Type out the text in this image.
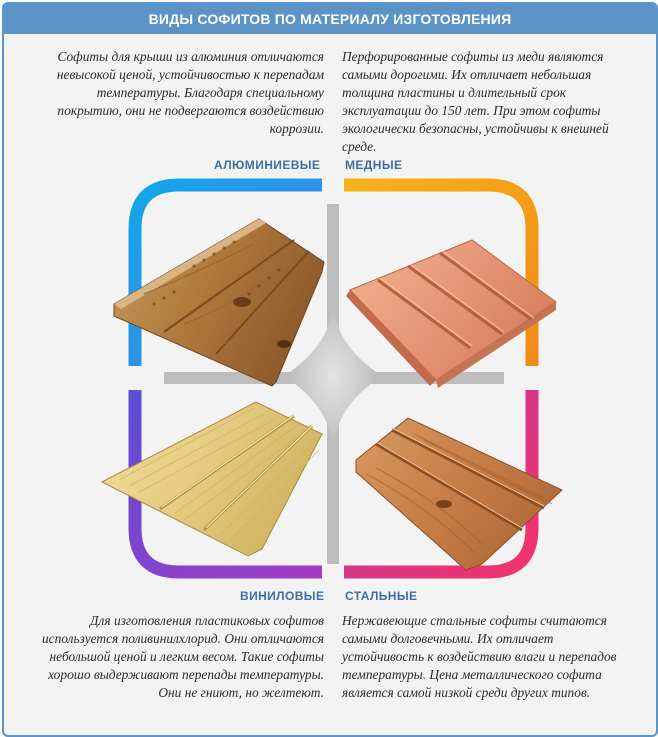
ВИДЫ СОФИТОВ ПО МАТЕРИАЛУ ИЗГОТОВЛЕНИЯ
Софиты для крыши из алюминия отличаются невысокой ценой, устойчивостью к перепадам температуры. Благодаря специальному покрытию, они не подвергаются воздействию коррозии.
Перфорированные софиты из меди являются самыми дорогими. Их отличает небольшая толщина пластины и длительный срок эксплуатации до 150 лет. При этом софиты экологически безопасны, устойчивы к внешней среде.
АЛЮМИНИЕВЫЕ МЕДНЫЕ
ВИНИЛОВЫЕ СТАЛЬНЫЕ
Для изготовления пластиковых софитов используется поливинилхлорид. Они отличаются небольшой ценой и легким весом. Такие софиты хорошо выдерживают перепады температуры. Они не гниют, но желтеют.
Нержавеющие стальные софиты считаются самыми долговечными. Их отличает устойчивость к воздействию влаги и перепадов температуры. Цена металлического софита является самой низкой среди других типов.
